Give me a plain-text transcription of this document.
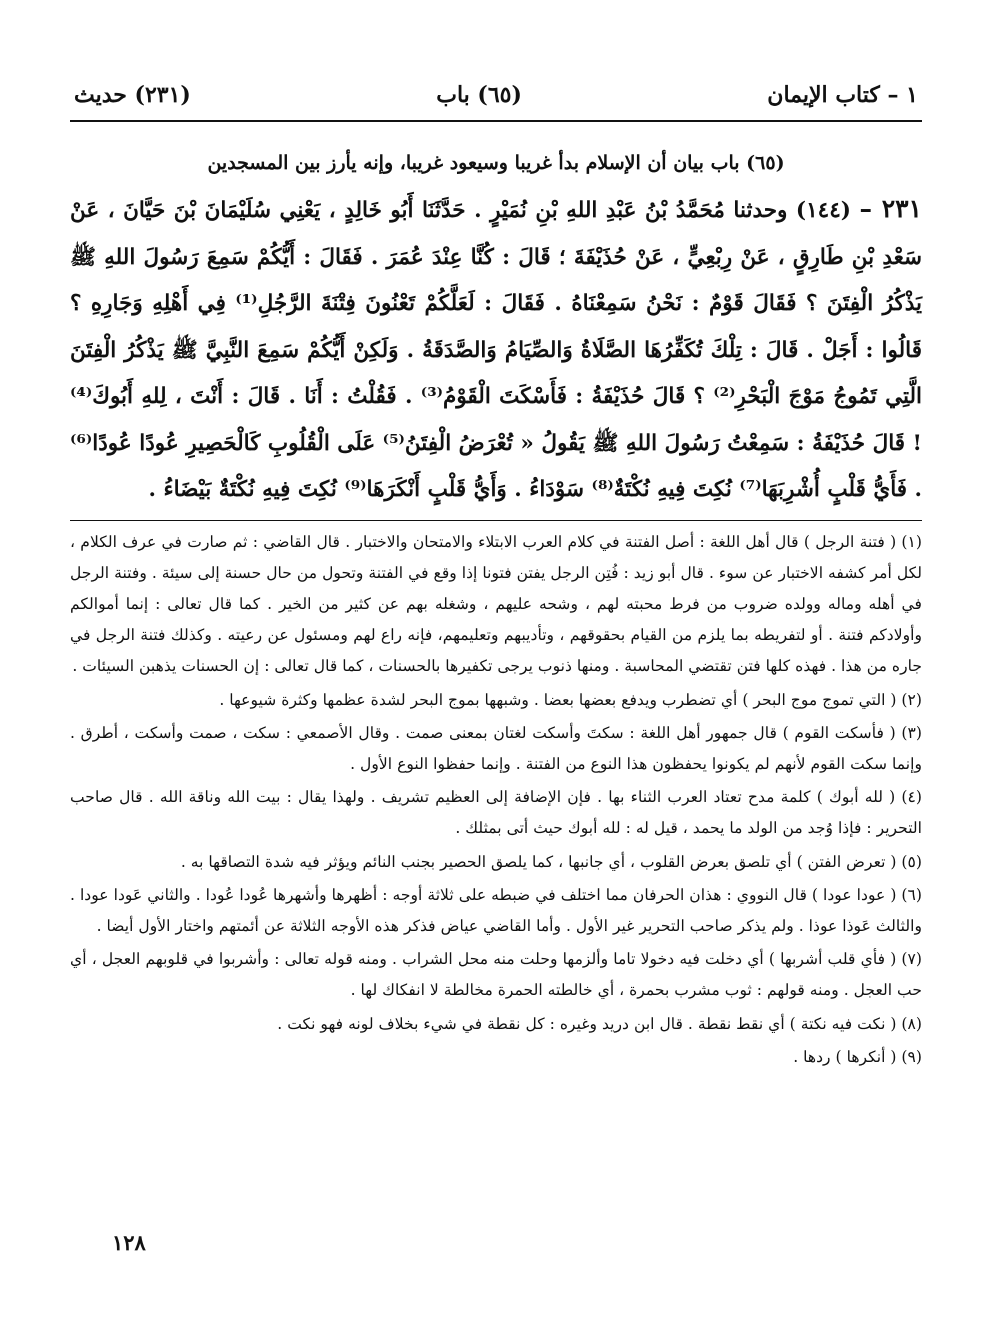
١ – كتاب الإيمان
(٦٥) باب
(٢٣١) حديث
(٦٥) باب بيان أن الإسلام بدأ غريبا وسيعود غريبا، وإنه يأرز بين المسجدين
٢٣١ – (١٤٤) وحدثنا مُحَمَّدُ بْنُ عَبْدِ اللهِ بْنِ نُمَيْرٍ . حَدَّثَنَا أَبُو خَالِدٍ ، يَعْنِي سُلَيْمَانَ بْنَ حَيَّانَ ، عَنْ سَعْدِ بْنِ طَارِقٍ ، عَنْ رِبْعِيٍّ ، عَنْ حُذَيْفَةَ ؛ قَالَ : كُنَّا عِنْدَ عُمَرَ . فَقَالَ : أَيُّكُمْ سَمِعَ رَسُولَ اللهِ ﷺ يَذْكُرُ الْفِتَنَ ؟ فَقَالَ قَوْمٌ : نَحْنُ سَمِعْنَاهُ . فَقَالَ : لَعَلَّكُمْ تَعْنُونَ فِتْنَةَ الرَّجُلِ⁽¹⁾ فِي أَهْلِهِ وَجَارِهِ ؟ قَالُوا : أَجَلْ . قَالَ : تِلْكَ تُكَفِّرُهَا الصَّلَاةُ وَالصِّيَامُ وَالصَّدَقَةُ . وَلَكِنْ أَيُّكُمْ سَمِعَ النَّبِيَّ ﷺ يَذْكُرُ الْفِتَنَ الَّتِي تَمُوجُ مَوْجَ الْبَحْرِ⁽²⁾ ؟ قَالَ حُذَيْفَةُ : فَأَسْكَتَ الْقَوْمُ⁽³⁾ . فَقُلْتُ : أَنَا . قَالَ : أَنْتَ ، لِلهِ أَبُوكَ⁽⁴⁾ ! قَالَ حُذَيْفَةُ : سَمِعْتُ رَسُولَ اللهِ ﷺ يَقُولُ « تُعْرَضُ الْفِتَنُ⁽⁵⁾ عَلَى الْقُلُوبِ كَالْحَصِيرِ عُودًا عُودًا⁽⁶⁾ . فَأَيُّ قَلْبٍ أُشْرِبَهَا⁽⁷⁾ نُكِتَ فِيهِ نُكْتَةٌ⁽⁸⁾ سَوْدَاءُ . وَأَيُّ قَلْبٍ أَنْكَرَهَا⁽⁹⁾ نُكِتَ فِيهِ نُكْتَةٌ بَيْضَاءُ .

(١) ( فتنة الرجل ) قال أهل اللغة : أصل الفتنة في كلام العرب الابتلاء والامتحان والاختبار . قال القاضي : ثم صارت في عرف الكلام ، لكل أمر كشفه الاختبار عن سوء . قال أبو زيد : فُتِن الرجل يفتن فتونا إذا وقع في الفتنة وتحول من حال حسنة إلى سيئة . وفتنة الرجل في أهله وماله وولده ضروب من فرط محبته لهم ، وشحه عليهم ، وشغله بهم عن كثير من الخير . كما قال تعالى : إنما أموالكم وأولادكم فتنة . أو لتفريطه بما يلزم من القيام بحقوقهم ، وتأديبهم وتعليمهم، فإنه راع لهم ومسئول عن رعيته . وكذلك فتنة الرجل في جاره من هذا . فهذه كلها فتن تقتضي المحاسبة . ومنها ذنوب يرجى تكفيرها بالحسنات ، كما قال تعالى : إن الحسنات يذهبن السيئات .

(٢) ( التي تموج موج البحر ) أي تضطرب ويدفع بعضها بعضا . وشبهها بموج البحر لشدة عظمها وكثرة شيوعها .

(٣) ( فأسكت القوم ) قال جمهور أهل اللغة : سكتَ وأسكت لغتان بمعنى صمت . وقال الأصمعي : سكت ، صمت وأسكت ، أطرق . وإنما سكت القوم لأنهم لم يكونوا يحفظون هذا النوع من الفتنة . وإنما حفظوا النوع الأول .

(٤) ( لله أبوك ) كلمة مدح تعتاد العرب الثناء بها . فإن الإضافة إلى العظيم تشريف . ولهذا يقال : بيت الله وناقة الله . قال صاحب التحرير : فإذا وُجد من الولد ما يحمد ، قيل له : لله أبوك حيث أتى بمثلك .

(٥) ( تعرض الفتن ) أي تلصق بعرض القلوب ، أي جانبها ، كما يلصق الحصير بجنب النائم ويؤثر فيه شدة التصاقها به .

(٦) ( عودا عودا ) قال النووي : هذان الحرفان مما اختلف في ضبطه على ثلاثة أوجه : أظهرها وأشهرها عُودا عُودا . والثاني عَودا عودا . والثالث عَوذا عوذا . ولم يذكر صاحب التحرير غير الأول . وأما القاضي عياض فذكر هذه الأوجه الثلاثة عن أئمتهم واختار الأول أيضا .

(٧) ( فأي قلب أشربها ) أي دخلت فيه دخولا تاما وألزمها وحلت منه محل الشراب . ومنه قوله تعالى : وأشربوا في قلوبهم العجل ، أي حب العجل . ومنه قولهم : ثوب مشرب بحمرة ، أي خالطته الحمرة مخالطة لا انفكاك لها .

(٨) ( نكت فيه نكتة ) أي نقط نقطة . قال ابن دريد وغيره : كل نقطة في شيء بخلاف لونه فهو نكت .

(٩) ( أنكرها ) ردها .

١٢٨
